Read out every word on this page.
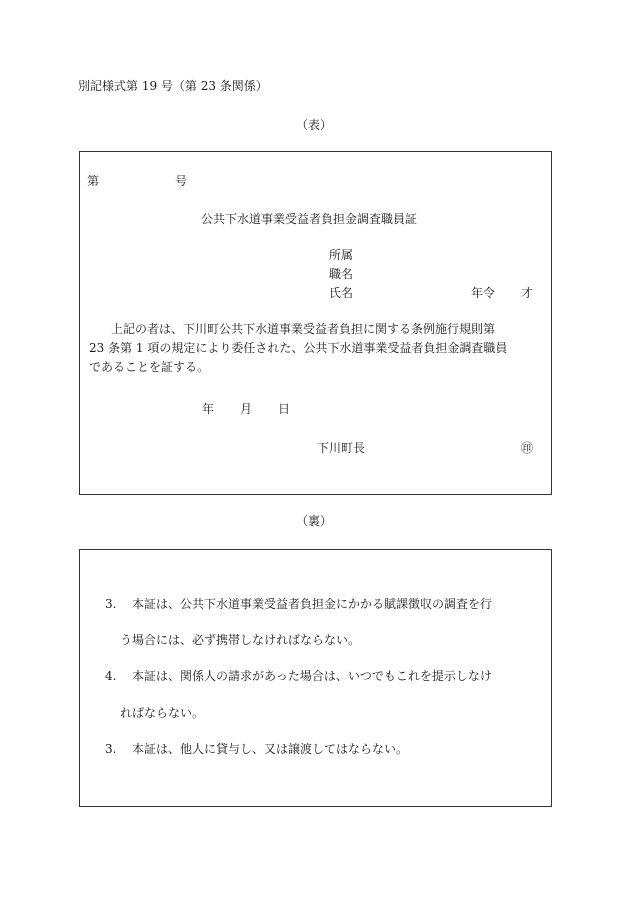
別記様式第 19 号（第 23 条関係）
（表）
第	号
公共下水道事業受益者負担金調査職員証
所属
職名
氏名	年令 才
上記の者は、下川町公共下水道事業受益者負担に関する条例施行規則第
23 条第 1 項の規定により委任された、公共下水道事業受益者負担金調査職員
であることを証する。
年 月 日
下川町長	㊞
（裏）
3. 本証は、公共下水道事業受益者負担金にかかる賦課徴収の調査を行
う場合には、必ず携帯しなければならない。
4. 本証は、関係人の請求があった場合は、いつでもこれを提示しなけ
ればならない。
3. 本証は、他人に貸与し、又は譲渡してはならない。
